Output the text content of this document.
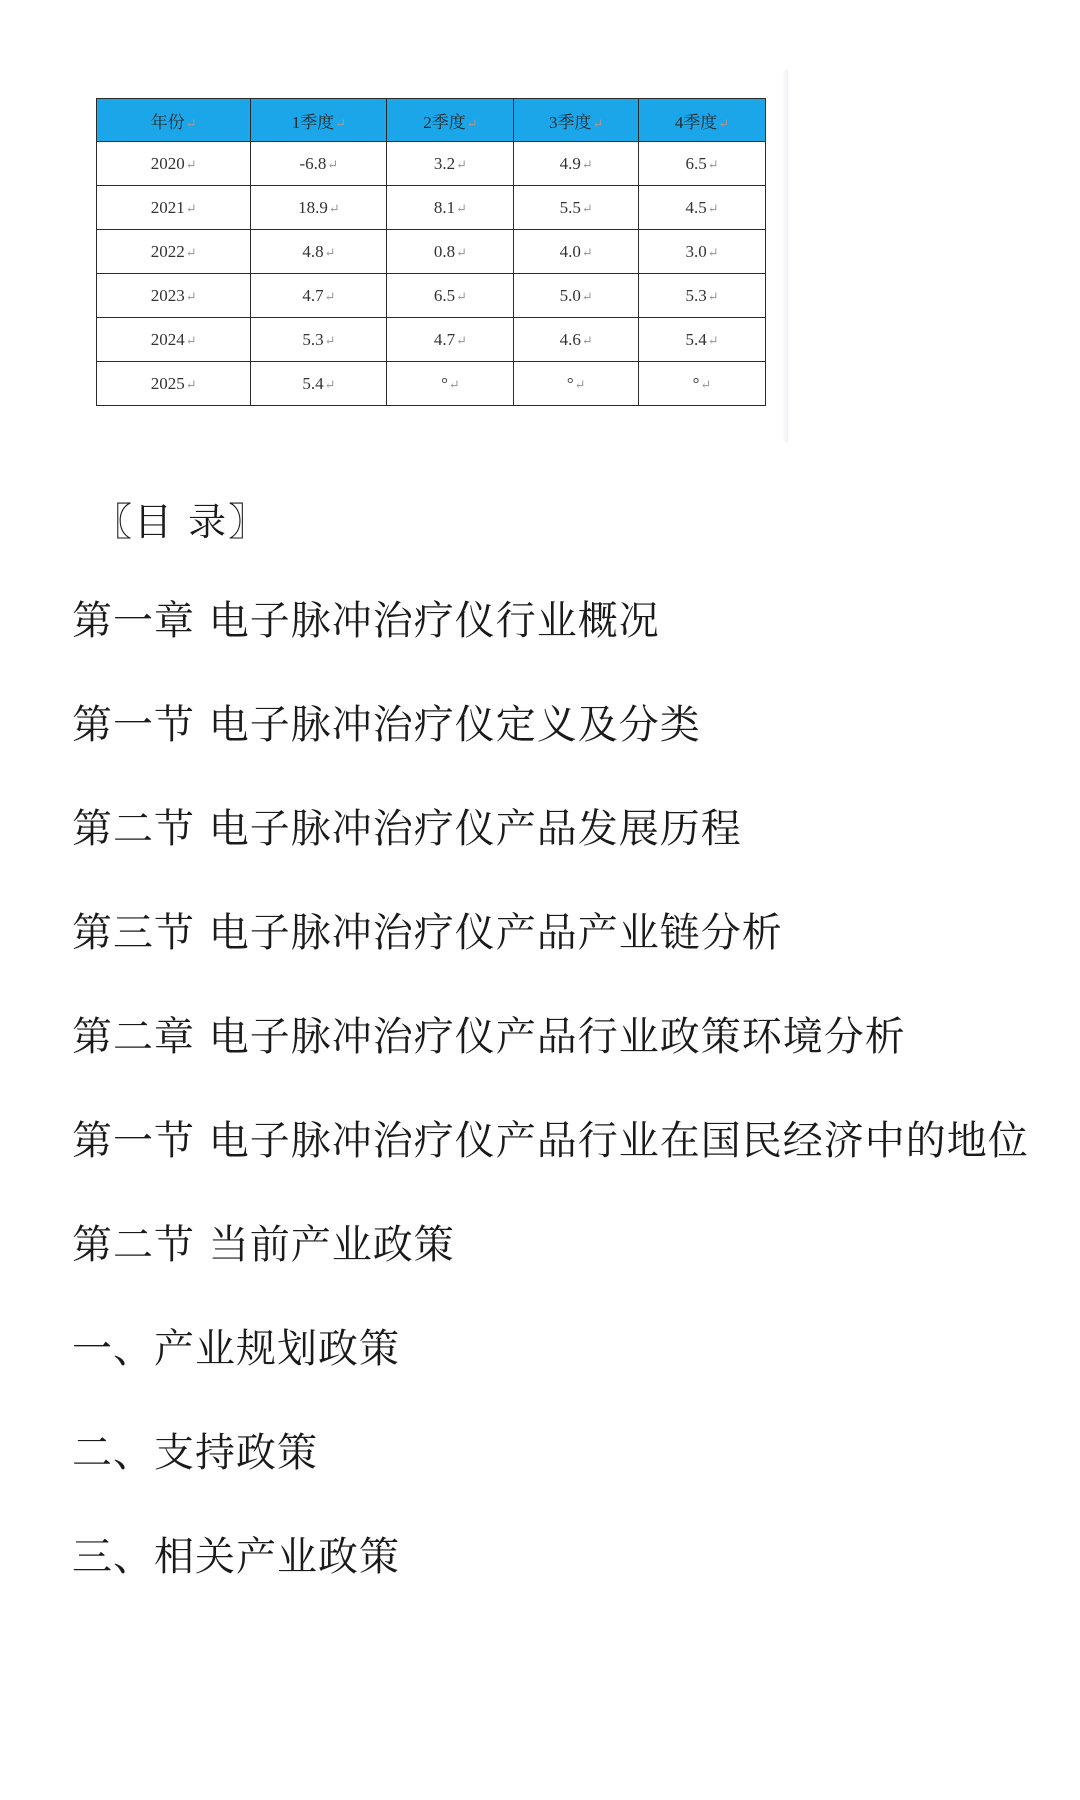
年份↵	1季度↵	2季度↵	3季度↵	4季度↵
2020↵	-6.8↵	3.2↵	4.9↵	6.5↵
2021↵	18.9↵	8.1↵	5.5↵	4.5↵
2022↵	4.8↵	0.8↵	4.0↵	3.0↵
2023↵	4.7↵	6.5↵	5.0↵	5.3↵
2024↵	5.3↵	4.7↵	4.6↵	5.4↵
2025↵	5.4↵	°↵	°↵	°↵
〖目 录〗
第一章 电子脉冲治疗仪行业概况
第一节 电子脉冲治疗仪定义及分类
第二节 电子脉冲治疗仪产品发展历程
第三节 电子脉冲治疗仪产品产业链分析
第二章 电子脉冲治疗仪产品行业政策环境分析
第一节 电子脉冲治疗仪产品行业在国民经济中的地位
第二节 当前产业政策
一、产业规划政策
二、支持政策
三、相关产业政策
